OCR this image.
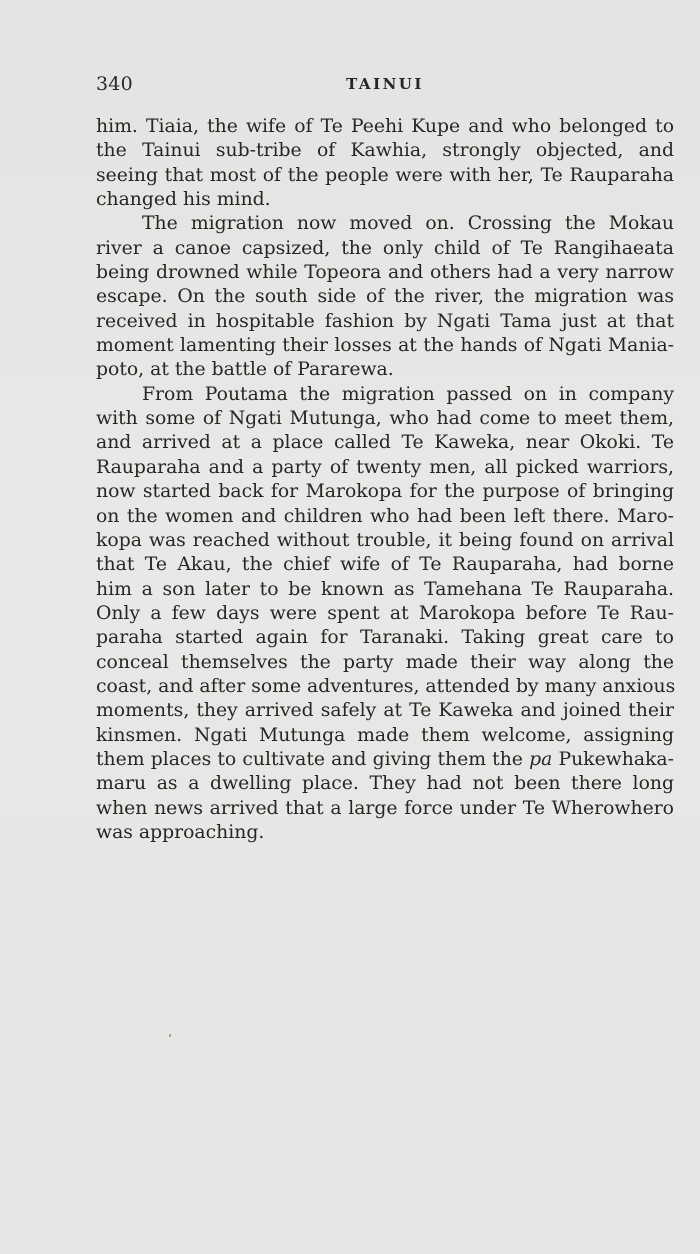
340	TAINUI
him. Tiaia, the wife of Te Peehi Kupe and who belonged to
the Tainui sub-tribe of Kawhia, strongly objected, and
seeing that most of the people were with her, Te Rauparaha
changed his mind.
The migration now moved on. Crossing the Mokau
river a canoe capsized, the only child of Te Rangihaeata
being drowned while Topeora and others had a very narrow
escape. On the south side of the river, the migration was
received in hospitable fashion by Ngati Tama just at that
moment lamenting their losses at the hands of Ngati Mania-
poto, at the battle of Pararewa.
From Poutama the migration passed on in company
with some of Ngati Mutunga, who had come to meet them,
and arrived at a place called Te Kaweka, near Okoki. Te
Rauparaha and a party of twenty men, all picked warriors,
now started back for Marokopa for the purpose of bringing
on the women and children who had been left there. Maro-
kopa was reached without trouble, it being found on arrival
that Te Akau, the chief wife of Te Rauparaha, had borne
him a son later to be known as Tamehana Te Rauparaha.
Only a few days were spent at Marokopa before Te Rau-
paraha started again for Taranaki. Taking great care to
conceal themselves the party made their way along the
coast, and after some adventures, attended by many anxious
moments, they arrived safely at Te Kaweka and joined their
kinsmen. Ngati Mutunga made them welcome, assigning
them places to cultivate and giving them the pa Pukewhaka-
maru as a dwelling place. They had not been there long
when news arrived that a large force under Te Wherowhero
was approaching.
